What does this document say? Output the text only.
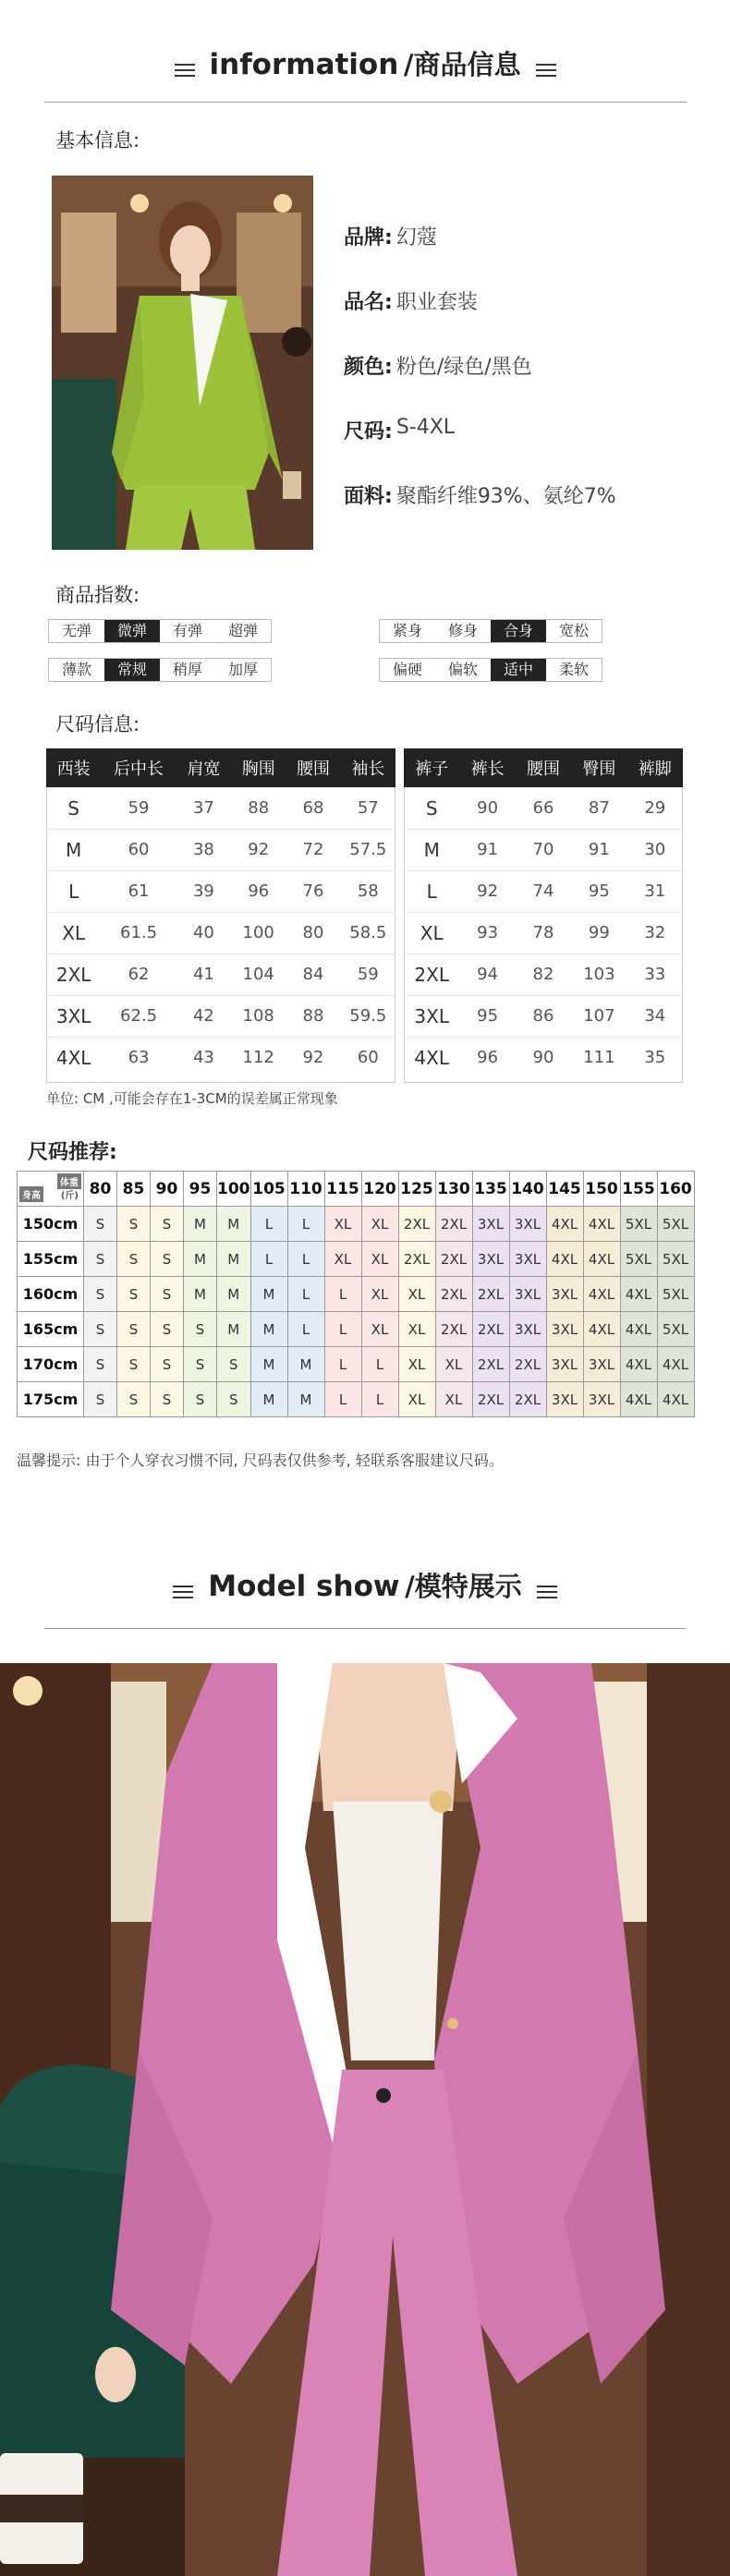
information /商品信息
基本信息:
品牌: 幻蔻
品名: 职业套装
颜色: 粉色/绿色/黑色
尺码: S-4XL
面料: 聚酯纤维93%、氨纶7%
商品指数:
无弹	微弹	有弹	超弹	紧身	修身	合身	宽松
薄款	常规	稍厚	加厚	偏硬	偏软	适中	柔软
尺码信息:
西装	后中长	肩宽	胸围	腰围	袖长
S	59	37	88	68	57
M	60	38	92	72	57.5
L	61	39	96	76	58
XL	61.5	40	100	80	58.5
2XL	62	41	104	84	59
3XL	62.5	42	108	88	59.5
4XL	63	43	112	92	60
裤子	裤长	腰围	臀围	裤脚
S	90	66	87	29
M	91	70	91	30
L	92	74	95	31
XL	93	78	99	32
2XL	94	82	103	33
3XL	95	86	107	34
4XL	96	90	111	35
单位: CM ,可能会存在1-3CM的误差属正常现象
尺码推荐:
体重
(斤)
身高	80	85	90	95	100	105	110	115	120	125	130	135	140	145	150	155	160
150cm	S	S	S	M	M	L	L	XL	XL	2XL	2XL	3XL	3XL	4XL	4XL	5XL	5XL
155cm	S	S	S	M	M	L	L	XL	XL	2XL	2XL	3XL	3XL	4XL	4XL	5XL	5XL
160cm	S	S	S	M	M	M	L	L	XL	XL	2XL	2XL	3XL	3XL	4XL	4XL	5XL
165cm	S	S	S	S	M	M	L	L	XL	XL	2XL	2XL	3XL	3XL	4XL	4XL	5XL
170cm	S	S	S	S	S	M	M	L	L	XL	XL	2XL	2XL	3XL	3XL	4XL	4XL
175cm	S	S	S	S	S	M	M	L	L	XL	XL	2XL	2XL	3XL	3XL	4XL	4XL
温馨提示: 由于个人穿衣习惯不同, 尺码表仅供参考, 轻联系客服建议尺码。
Model show /模特展示
